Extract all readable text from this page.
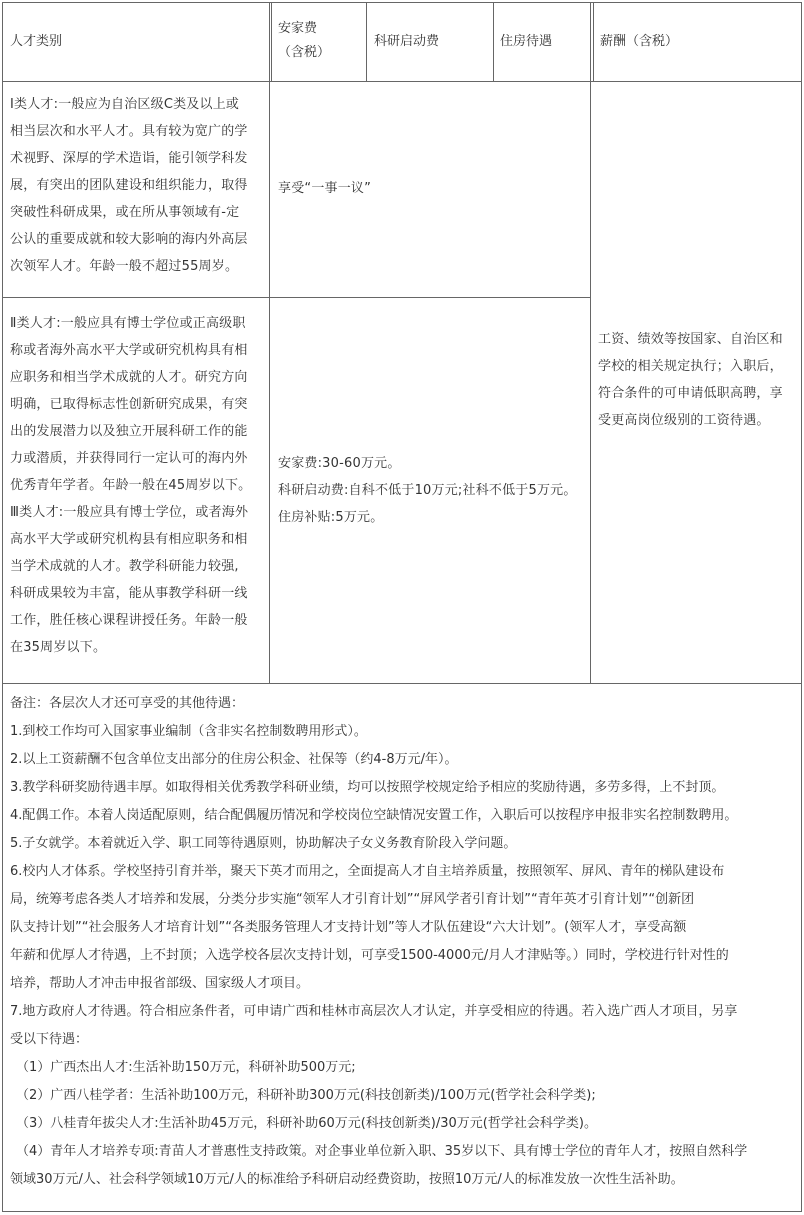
人才类别
安家费
（含税）
科研启动费	住房待遇	薪酬（含税）

Ⅰ类人才:一般应为自治区级C类及以上或

相当层次和水平人才。具有较为宽广的学

术视野、深厚的学术造诣，能引领学科发

展，有突出的团队建设和组织能力，取得

突破性科研成果，或在所从事领域有-定

公认的重要成就和较大影响的海内外高层

次领军人才。年龄一般不超过55周岁。

享受“一事一议”

Ⅱ类人才:一般应具有博士学位或正高级职

称或者海外高水平大学或研究机构具有相

应职务和相当学术成就的人才。研究方向

明确，已取得标志性创新研究成果，有突

出的发展潜力以及独立开展科研工作的能

力或潜质，并获得同行一定认可的海内外

优秀青年学者。年龄一般在45周岁以下。

Ⅲ类人才:一般应具有博士学位，或者海外

高水平大学或研究机构县有相应职务和相

当学术成就的人才。教学科研能力较强,

科研成果较为丰富，能从事教学科研一线

工作，胜任核心课程讲授任务。年龄一般

在35周岁以下。

安家费:30-60万元。

科研启动费:自科不低于10万元;社科不低于5万元。

住房补贴:5万元。

工资、绩效等按国家、自治区和

学校的相关规定执行；入职后，

符合条件的可申请低职高聘，享

受更高岗位级别的工资待遇。

备注：各层次人才还可享受的其他待遇：

1.到校工作均可入国家事业编制（含非实名控制数聘用形式）。

2.以上工资薪酬不包含单位支出部分的住房公积金、社保等（约4-8万元/年）。

3.教学科研奖励待遇丰厚。如取得相关优秀教学科研业绩，均可以按照学校规定给予相应的奖励待遇，多劳多得，上不封顶。

4.配偶工作。本着人岗适配原则，结合配偶履历情况和学校岗位空缺情况安置工作，入职后可以按程序申报非实名控制数聘用。

5.子女就学。本着就近入学、职工同等待遇原则，协助解决子女义务教育阶段入学问题。

6.校内人才体系。学校坚持引育并举，聚天下英才而用之，全面提高人才自主培养质量，按照领军、屏风、青年的梯队建设布

局，统筹考虑各类人才培养和发展，分类分步实施“领军人才引育计划”“屏风学者引育计划”“青年英才引育计划”“创新团

队支持计划”“社会服务人才培育计划”“各类服务管理人才支持计划”等人才队伍建设“六大计划”。(领军人才，享受高额

年薪和优厚人才待遇，上不封顶；入选学校各层次支持计划，可享受1500-4000元/月人才津贴等。）同时，学校进行针对性的

培养，帮助人才冲击申报省部级、国家级人才项目。

7.地方政府人才待遇。符合相应条件者，可申请广西和桂林市高层次人才认定，并享受相应的待遇。若入选广西人才项目，另享

受以下待遇：

（1）广西杰出人才:生活补助150万元，科研补助500万元;

（2）广西八桂学者：生活补助100万元，科研补助300万元(科技创新类)/100万元(哲学社会科学类);

（3）八桂青年拔尖人才:生活补助45万元，科研补助60万元(科技创新类)/30万元(哲学社会科学类)。

（4）青年人才培养专项:青苗人才普惠性支持政策。对企事业单位新入职、35岁以下、具有博士学位的青年人才，按照自然科学

领域30万元/人、社会科学领域10万元/人的标准给予科研启动经费资助，按照10万元/人的标准发放一次性生活补助。
